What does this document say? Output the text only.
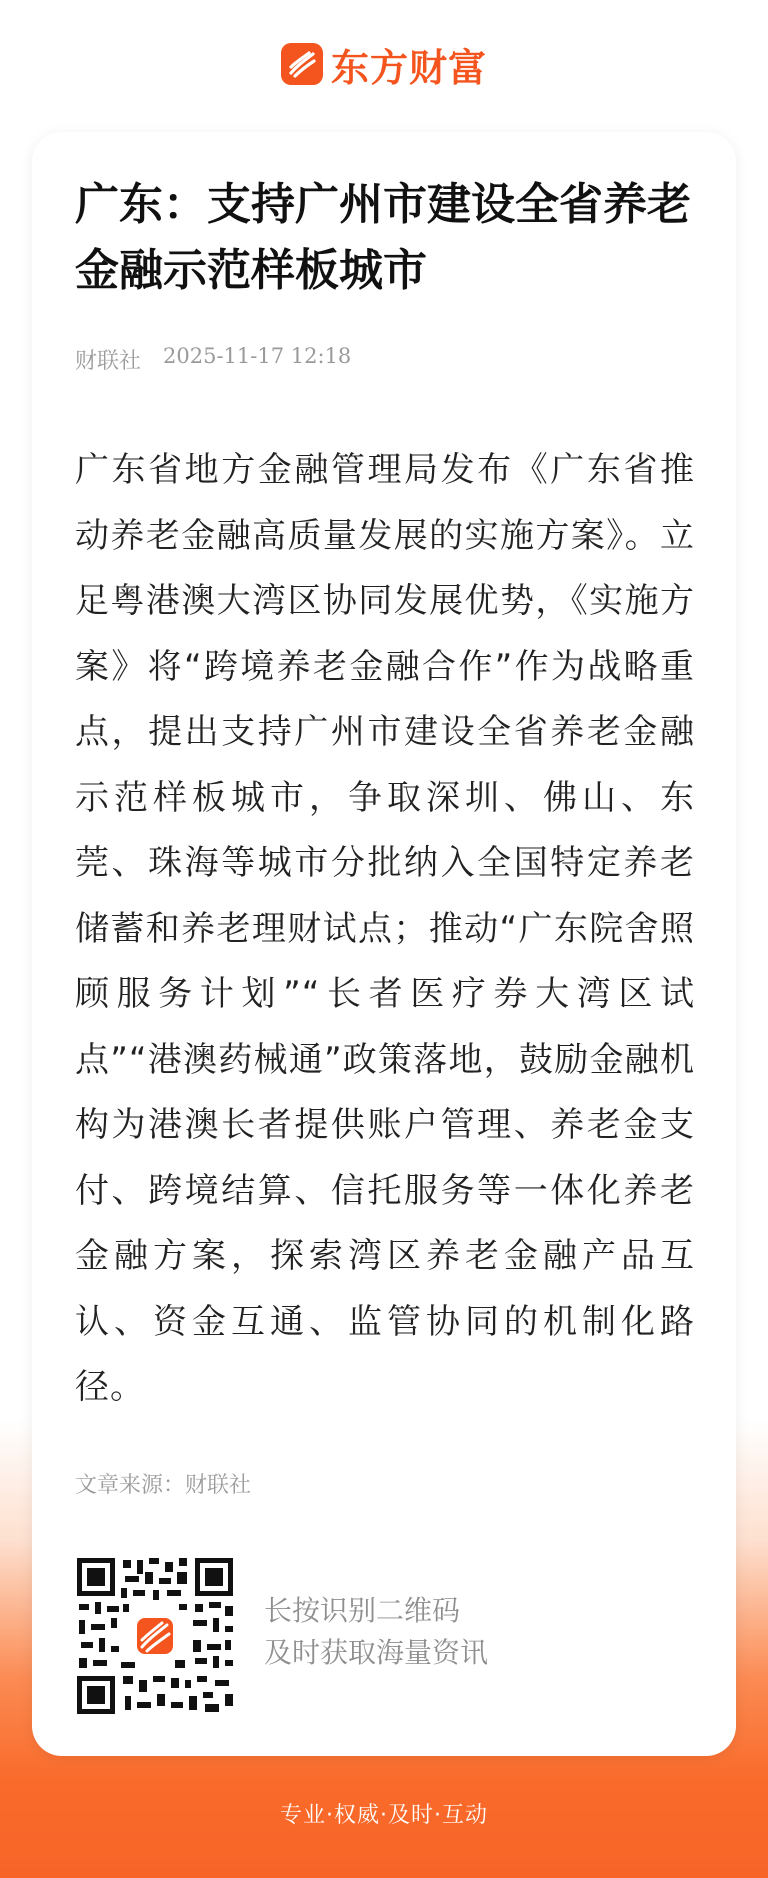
东方财富
广东：支持广州市建设全省养老金融示范样板城市
财联社 2025-11-17 12:18

广东省地方金融管理局发布《广东省推动养老金融高质量发展的实施方案》。立足粤港澳大湾区协同发展优势，《实施方案》将“跨境养老金融合作”作为战略重点，提出支持广州市建设全省养老金融示范样板城市，争取深圳、佛山、东莞、珠海等城市分批纳入全国特定养老储蓄和养老理财试点；推动“广东院舍照顾服务计划”“长者医疗券大湾区试点”“港澳药械通”政策落地，鼓励金融机构为港澳长者提供账户管理、养老金支付、跨境结算、信托服务等一体化养老金融方案，探索湾区养老金融产品互认、资金互通、监管协同的机制化路径。

文章来源：财联社
长按识别二维码
及时获取海量资讯
专业·权威·及时·互动
